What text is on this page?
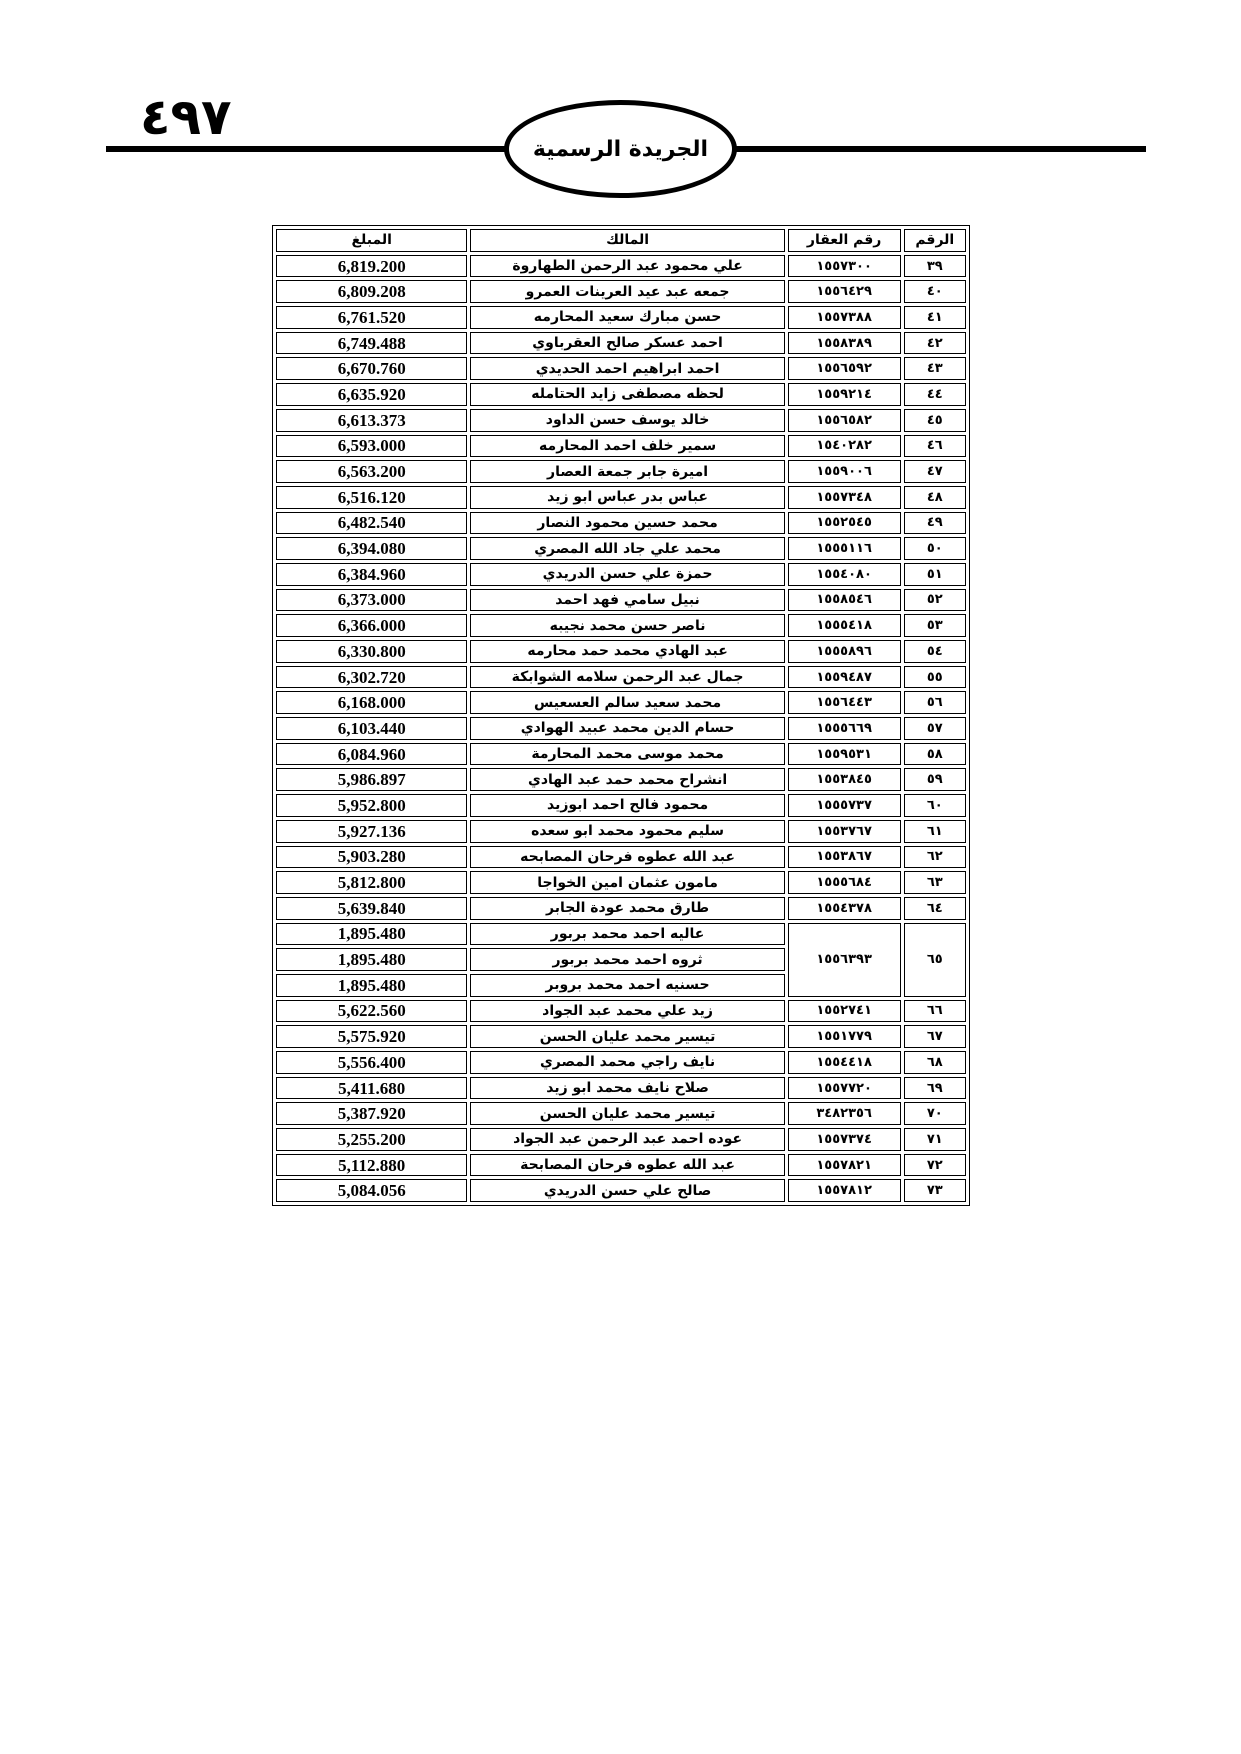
٤٩٧
الجريدة الرسمية
الرقم	رقم العقار	المالك	المبلغ
٣٩	١٥٥٧٣٠٠	علي محمود عبد الرحمن الطهاروة	6,819.200
٤٠	١٥٥٦٤٢٩	جمعه عبد عيد العرينات العمرو	6,809.208
٤١	١٥٥٧٣٨٨	حسن مبارك سعيد المحارمه	6,761.520
٤٢	١٥٥٨٣٨٩	احمد عسكر صالح العقرباوي	6,749.488
٤٣	١٥٥٦٥٩٢	احمد ابراهيم احمد الحديدي	6,670.760
٤٤	١٥٥٩٢١٤	لحظه مصطفى زايد الحتامله	6,635.920
٤٥	١٥٥٦٥٨٢	خالد يوسف حسن الداود	6,613.373
٤٦	١٥٤٠٢٨٢	سمير خلف احمد المحارمه	6,593.000
٤٧	١٥٥٩٠٠٦	اميرة جابر جمعة العصار	6,563.200
٤٨	١٥٥٧٣٤٨	عباس بدر عباس ابو زيد	6,516.120
٤٩	١٥٥٢٥٤٥	محمد حسين محمود النصار	6,482.540
٥٠	١٥٥٥١١٦	محمد علي جاد الله المصري	6,394.080
٥١	١٥٥٤٠٨٠	حمزة علي حسن الدريدي	6,384.960
٥٢	١٥٥٨٥٤٦	نبيل سامي فهد احمد	6,373.000
٥٣	١٥٥٥٤١٨	ناصر حسن محمد نجيبه	6,366.000
٥٤	١٥٥٥٨٩٦	عبد الهادي محمد حمد محارمه	6,330.800
٥٥	١٥٥٩٤٨٧	جمال عبد الرحمن سلامه الشوابكة	6,302.720
٥٦	١٥٥٦٤٤٣	محمد سعيد سالم العسعيس	6,168.000
٥٧	١٥٥٥٦٦٩	حسام الدين محمد عبيد الهوادي	6,103.440
٥٨	١٥٥٩٥٣١	محمد موسى محمد المحارمة	6,084.960
٥٩	١٥٥٣٨٤٥	انشراح محمد حمد عبد الهادي	5,986.897
٦٠	١٥٥٥٧٣٧	محمود فالح احمد ابوزيد	5,952.800
٦١	١٥٥٣٧٦٧	سليم محمود محمد ابو سعده	5,927.136
٦٢	١٥٥٣٨٦٧	عبد الله عطوه فرحان المصابحه	5,903.280
٦٣	١٥٥٥٦٨٤	مامون عثمان امين الخواجا	5,812.800
٦٤	١٥٥٤٣٧٨	طارق محمد عودة الجابر	5,639.840
٦٥	١٥٥٦٣٩٣	عاليه احمد محمد بربور	1,895.480
		ثروه احمد محمد بربور	1,895.480
		حسنيه احمد محمد بروبر	1,895.480
٦٦	١٥٥٢٧٤١	زيد علي محمد عبد الجواد	5,622.560
٦٧	١٥٥١٧٧٩	تيسير محمد عليان الحسن	5,575.920
٦٨	١٥٥٤٤١٨	نايف راجي محمد المصري	5,556.400
٦٩	١٥٥٧٧٢٠	صلاح نايف محمد ابو زيد	5,411.680
٧٠	٣٤٨٢٣٥٦	تيسير محمد عليان الحسن	5,387.920
٧١	١٥٥٧٣٧٤	عوده احمد عبد الرحمن عبد الجواد	5,255.200
٧٢	١٥٥٧٨٢١	عبد الله عطوه فرحان المصابحة	5,112.880
٧٣	١٥٥٧٨١٢	صالح علي حسن الدريدي	5,084.056
